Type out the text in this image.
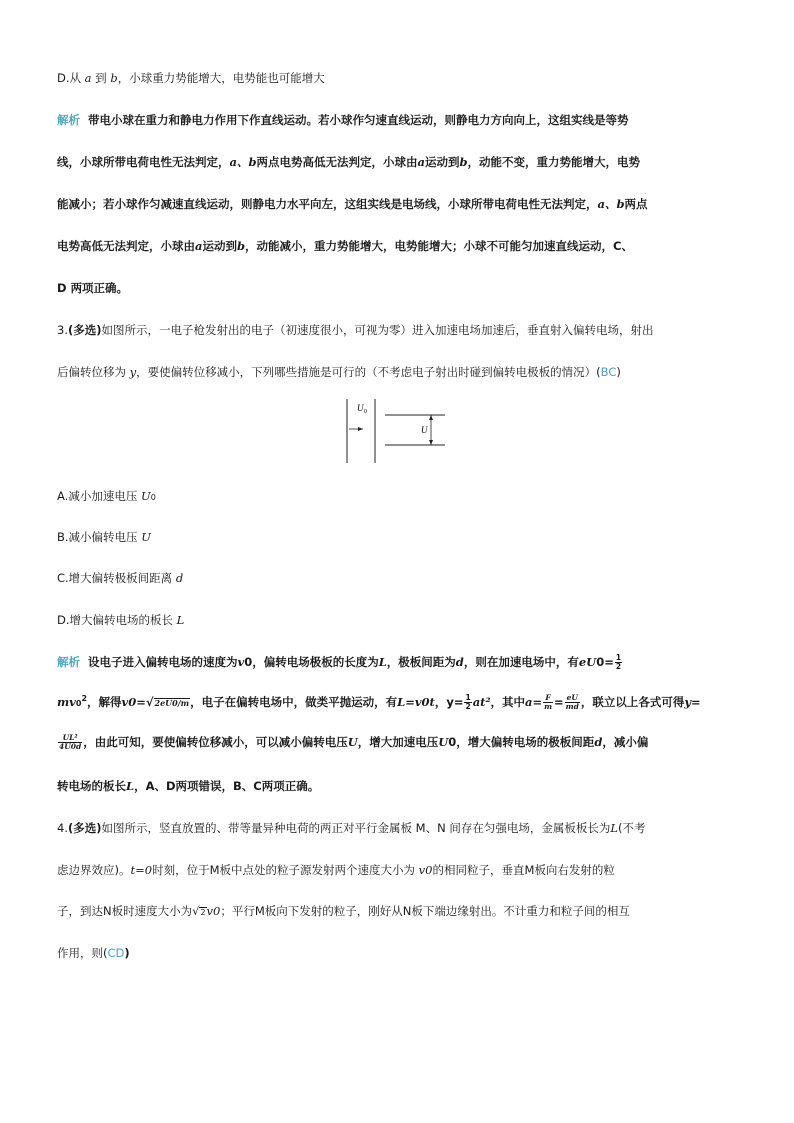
D.从 a 到 b，小球重力势能增大，电势能也可能增大
解析 带电小球在重力和静电力作用下作直线运动。若小球作匀速直线运动，则静电力方向向上，这组实线是等势
线，小球所带电荷电性无法判定，a、b两点电势高低无法判定，小球由a运动到b，动能不变，重力势能增大，电势
能减小；若小球作匀减速直线运动，则静电力水平向左，这组实线是电场线，小球所带电荷电性无法判定，a、b两点
电势高低无法判定，小球由a运动到b，动能减小，重力势能增大，电势能增大；小球不可能匀加速直线运动，C、
D 两项正确。
3.(多选)如图所示，一电子枪发射出的电子（初速度很小，可视为零）进入加速电场加速后，垂直射入偏转电场，射出
后偏转位移为 y，要使偏转位移减小，下列哪些措施是可行的（不考虑电子射出时碰到偏转电极板的情况）(BC)
U 0
U
A.减小加速电压 U0
B.减小偏转电压 U
C.增大偏转极板间距离 d
D.增大偏转电场的板长 L
解析 设电子进入偏转电场的速度为v0，偏转电场极板的长度为L，极板间距为d，则在加速电场中，有$eU0= \frac{1}{2}$
$mv0^2$，解得v0=√2eU0/m，电子在偏转电场中，做类平抛运动，有L=v0t，$y= \frac{1}{2} at^2$，其中$a= \frac{F}{m} = \frac{eU}{md}$ ，联立以上各式可得y=
$\frac{\text{UL²}}{4U0d}$ ，由此可知，要使偏转位移减小，可以减小偏转电压U，增大加速电压U0，增大偏转电场的极板间距d，减小偏
转电场的板长L，A、D两项错误，B、C两项正确。
4.(多选)如图所示，竖直放置的、带等量异种电荷的两正对平行金属板 M、N 间存在匀强电场，金属板板长为L(不考
虑边界效应)。t=0时刻，位于M板中点处的粒子源发射两个速度大小为 v0的相同粒子，垂直M板向右发射的粒
子，到达N板时速度大小为√2v0；平行M板向下发射的粒子，刚好从N板下端边缘射出。不计重力和粒子间的相互
作用，则(CD)
